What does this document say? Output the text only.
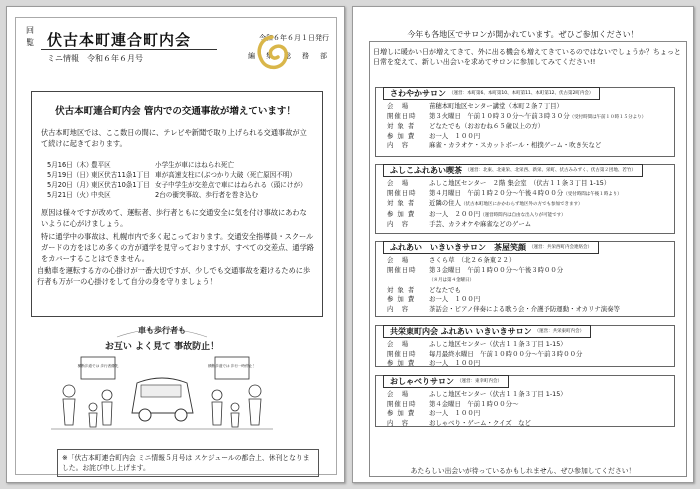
回
覧 伏古本町連合町内会
ミニ情報　令和６年６月号
令和６年６月１日発行
編　集　総　務　部
伏古本町連合町内会 管内での交通事故が増えています！
伏古本町地区では、ここ数日の間に、テレビや新聞で取り上げられる交通事故が立て続けに起きております。
5月16日（木）豊平区	小学生が車にはねられ死亡
5月19日（日）東区伏古11条1丁目 車が高速支柱に(ぶつかり大破（死亡原因不明）
5月20日（月）東区伏古10条1丁目 女子中学生が交差点で車にはねられる（頭にけが）
5月21日（火）中央区	2台の衝突事故、歩行者を巻き込む
原因は様々ですが改めて、運転者、歩行者ともに交通安全に気を付け事故にあわないように心がけましょう。
特に通学中の事故は、札幌市内で多く起こっております。交通安全指導員・スクールガードの方をはじめ多くの方が通学を見守っておりますが、すべての交差点、通学路をカバーすることはできません。
自動車を運転する方の心掛けが一番大切ですが、少しでも交通事故を避けるために歩行者も万が一の心掛けをして自分の身を守りましょう！
車も歩行者も
お互い よく見て 事故防止！
横断歩道では 歩行者優先	横断歩道では 歩行一時停止！
※「伏古本町連合町内会 ミニ情報５月号は スケジュールの都合上、休刊となりました。お詫び申し上げます。
今年も各地区でサロンが開かれています。ぜひご参加ください！
日増しに暖かい日が増えてきて、外に出る機会も増えてきているのではないでしょうか？ちょっと日常を変えて、新しい出会いを求めてサロンに参加してみてください!!
さわやかサロン （運営：本町第6、本町第10、本町第11、本町第12、伏古第2町内会）
会　場	苗穂本町地区センター講堂（本町２条７丁目）
開催日時 第３火曜日　午前１０時３０分～午前３時３０分（受付時間は午前１０時１５分より）
対 象 者 どなたでも（おおむね６５歳以上の方）
参 加 費 お一人　１００円
内　容	麻雀・カラオケ・スカットボール・相撲ゲーム・吹き矢など
ふしこふれあい喫茶 （運営：北東、北東栄、北栄西、新栄、栄町、伏古みみずく、伏古第２団地、若竹）
会　場	ふしこ地区センター　２階 集会室　（伏古１１条３丁目 1-15）
開催日時 第４月曜日　午前１時２０分～午後４時００分（受付時間は午後１時より）
対 象 者 近隣の住人（伏古本町地区にかかわらず地区外の方でも参加できます）
参 加 費 お一人　２００円（運営時間内は自由な出入りが可能です）
内　容	手芸、カラオケや麻雀などのゲーム
ふれあい　いきいきサロン　茶屋笑顔 （運営：共栄西町内会連絡会）
会　場	さくら草　（北２６条東２２）
開催日時 第３金曜日　午前１時００分～午後３時００分
（８月は第４金曜日）
対 象 者 どなたでも
参 加 費 お一人　１００円
内　容	茶話会・ピアノ伴奏による歌う会・介護予防運動・オカリナ演奏等
共栄東町内会 ふれあい いきいきサロン （運営：共栄東町内会）
会　場	ふしこ地区センター（伏古１１条３丁目 1-15）
開催日時 毎月最終水曜日　午前１０時００分～午前３時００分
参 加 費 お一人　１００円
おしゃべりサロン （運営：東幸町内会）
会　場	ふしこ地区センター（伏古１１条３丁目 1-15）
開催日時 第４金曜日　午前１時００分～
参 加 費 お一人　１００円
内　容	おしゃべり・ゲーム・クイズ　など
あたらしい出会いが待っているかもしれません、ぜひ参加してください！
